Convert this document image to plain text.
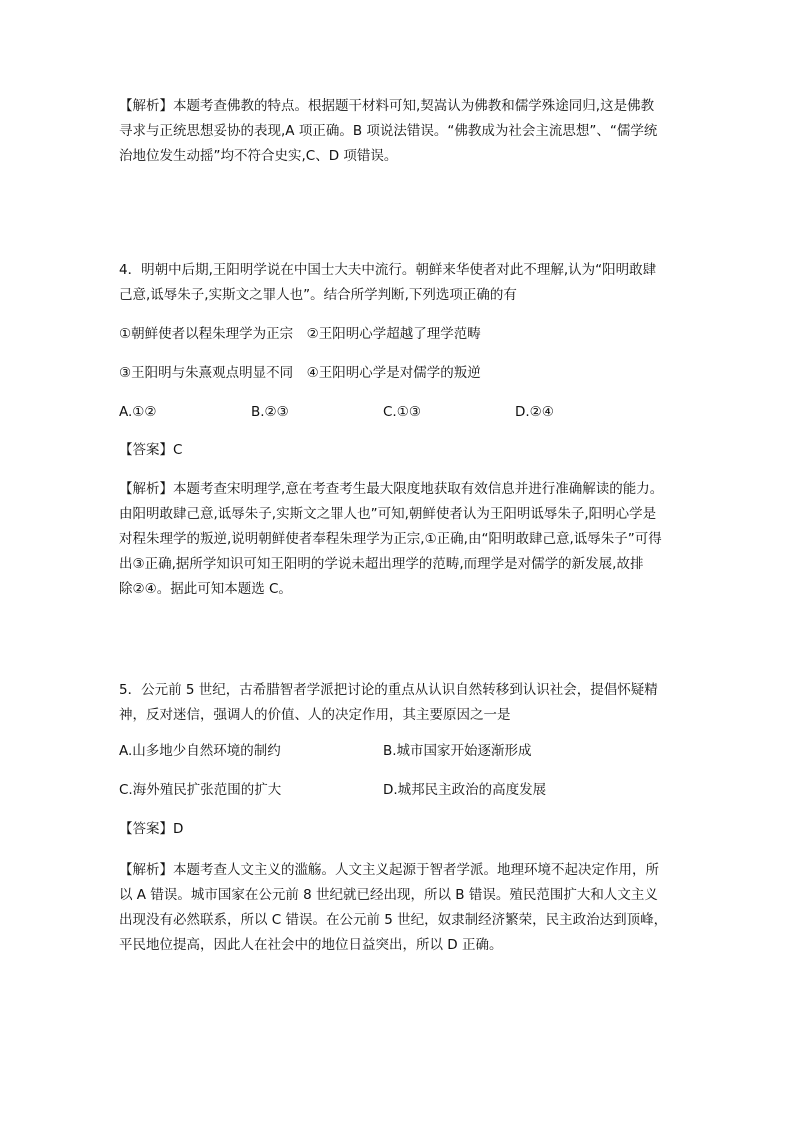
【解析】本题考查佛教的特点。根据题干材料可知,契嵩认为佛教和儒学殊途同归,这是佛教
寻求与正统思想妥协的表现,A 项正确。B 项说法错误。“佛教成为社会主流思想”、“儒学统
治地位发生动摇”均不符合史实,C、D 项错误。
4．明朝中后期,王阳明学说在中国士大夫中流行。朝鲜来华使者对此不理解,认为“阳明敢肆
己意,诋辱朱子,实斯文之罪人也”。结合所学判断,下列选项正确的有
①朝鲜使者以程朱理学为正宗　②王阳明心学超越了理学范畴
③王阳明与朱熹观点明显不同　④王阳明心学是对儒学的叛逆
A.①②	B.②③	C.①③	D.②④
【答案】C
【解析】本题考查宋明理学,意在考查考生最大限度地获取有效信息并进行准确解读的能力。
由阳明敢肆己意,诋辱朱子,实斯文之罪人也”可知,朝鲜使者认为王阳明诋辱朱子,阳明心学是
对程朱理学的叛逆,说明朝鲜使者奉程朱理学为正宗,①正确,由“阳明敢肆己意,诋辱朱子”可得
出③正确,据所学知识可知王阳明的学说未超出理学的范畴,而理学是对儒学的新发展,故排
除②④。据此可知本题选 C。
5．公元前 5 世纪，古希腊智者学派把讨论的重点从认识自然转移到认识社会，提倡怀疑精
神，反对迷信，强调人的价值、人的决定作用，其主要原因之一是
A.山多地少自然环境的制约	B.城市国家开始逐渐形成
C.海外殖民扩张范围的扩大	D.城邦民主政治的高度发展
【答案】D
【解析】本题考查人文主义的滥觞。人文主义起源于智者学派。地理环境不起决定作用，所
以 A 错误。城市国家在公元前 8 世纪就已经出现，所以 B 错误。殖民范围扩大和人文主义
出现没有必然联系，所以 C 错误。在公元前 5 世纪，奴隶制经济繁荣，民主政治达到顶峰，
平民地位提高，因此人在社会中的地位日益突出，所以 D 正确。
